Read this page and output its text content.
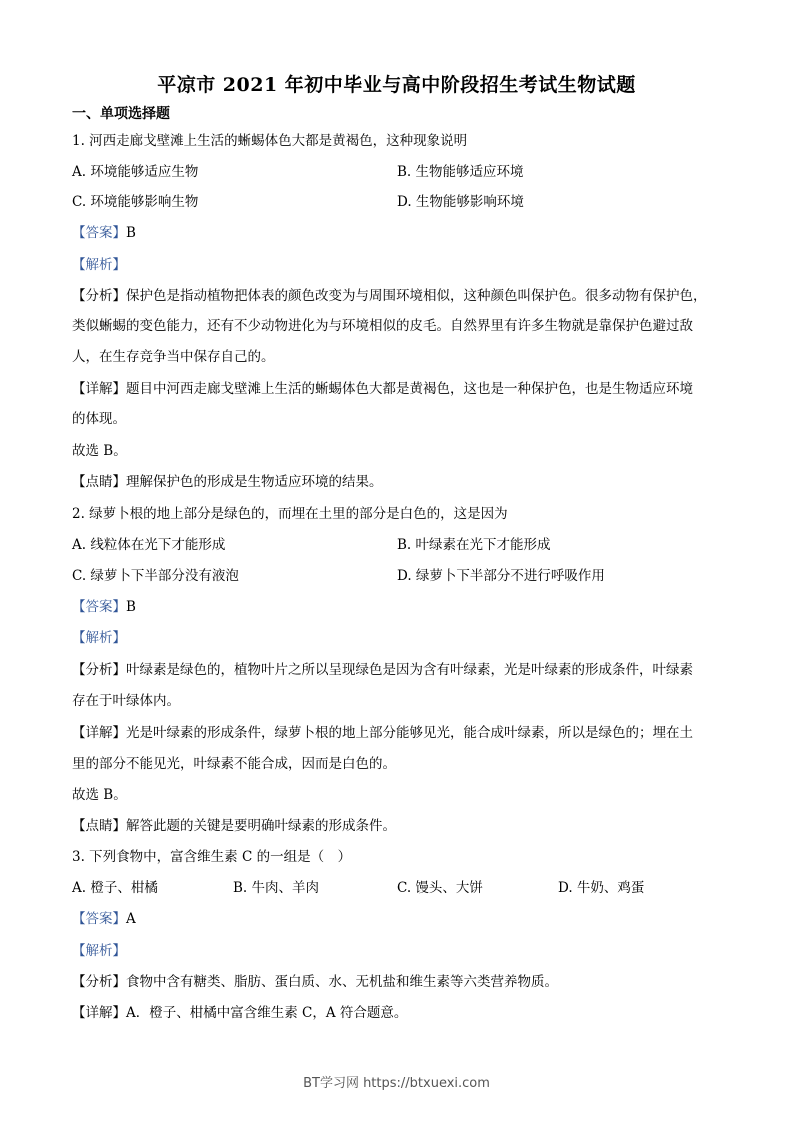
平凉市 2021 年初中毕业与高中阶段招生考试生物试题
一、单项选择题
1. 河西走廊戈壁滩上生活的蜥蜴体色大都是黄褐色，这种现象说明
A. 环境能够适应生物	B. 生物能够适应环境
C. 环境能够影响生物	D. 生物能够影响环境
【答案】B
【解析】
【分析】保护色是指动植物把体表的颜色改变为与周围环境相似，这种颜色叫保护色。很多动物有保护色，
类似蜥蜴的变色能力，还有不少动物进化为与环境相似的皮毛。自然界里有许多生物就是靠保护色避过敌
人，在生存竞争当中保存自己的。
【详解】题目中河西走廊戈壁滩上生活的蜥蜴体色大都是黄褐色，这也是一种保护色，也是生物适应环境
的体现。
故选 B。
【点睛】理解保护色的形成是生物适应环境的结果。
2. 绿萝卜根的地上部分是绿色的，而埋在土里的部分是白色的，这是因为
A. 线粒体在光下才能形成	B. 叶绿素在光下才能形成
C. 绿萝卜下半部分没有液泡	D. 绿萝卜下半部分不进行呼吸作用
【答案】B
【解析】
【分析】叶绿素是绿色的，植物叶片之所以呈现绿色是因为含有叶绿素，光是叶绿素的形成条件，叶绿素
存在于叶绿体内。
【详解】光是叶绿素的形成条件，绿萝卜根的地上部分能够见光，能合成叶绿素，所以是绿色的；埋在土
里的部分不能见光，叶绿素不能合成，因而是白色的。
故选 B。
【点睛】解答此题的关键是要明确叶绿素的形成条件。
3. 下列食物中，富含维生素 C 的一组是（　）
A. 橙子、柑橘	B. 牛肉、羊肉	C. 馒头、大饼	D. 牛奶、鸡蛋
【答案】A
【解析】
【分析】食物中含有糖类、脂肪、蛋白质、水、无机盐和维生素等六类营养物质。
【详解】A．橙子、柑橘中富含维生素 C，A 符合题意。
BT学习网 https://btxuexi.com
